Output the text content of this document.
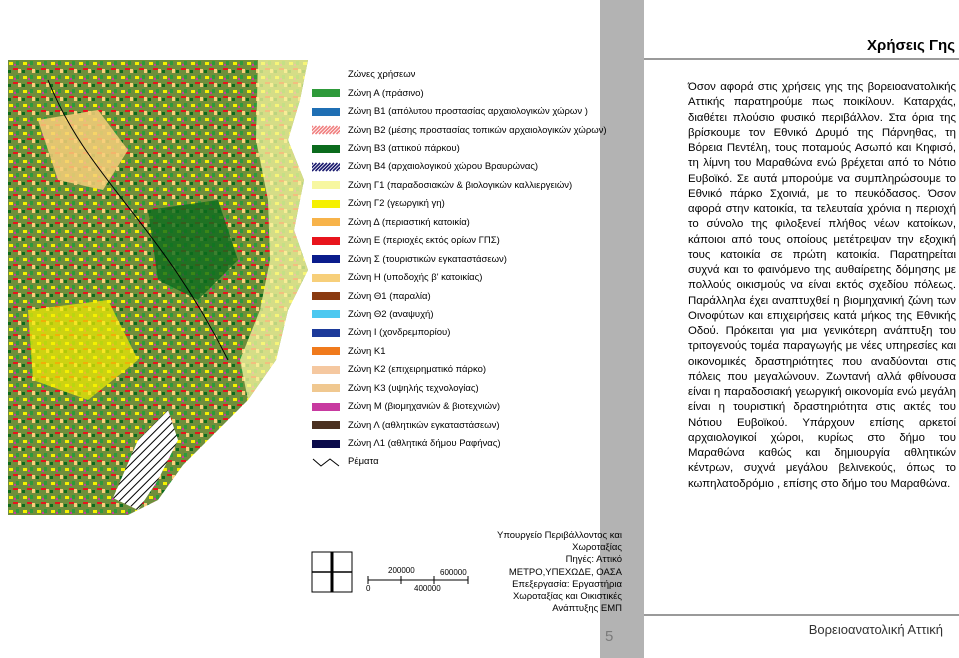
Χρήσεις Γης
Ζώνες χρήσεων
Ζώνη Α (πράσινο)
Ζώνη Β1 (απόλυτου προστασίας αρχαιολογικών χώρων )
Ζώνη Β2 (μέσης προστασίας τοπικών αρχαιολογικών χώρων)
Ζώνη Β3 (αττικού πάρκου)
Ζώνη Β4 (αρχαιολογικού χώρου Βραυρώνας)
Ζώνη Γ1 (παραδοσιακών & βιολογικών καλλιεργειών)
Ζώνη Γ2 (γεωργική γη)
Ζώνη Δ (περιαστική κατοικία)
Ζώνη Ε (περιοχές εκτός ορίων ΓΠΣ)
Ζώνη Σ (τουριστικών εγκαταστάσεων)
Ζώνη Η (υποδοχής β' κατοικίας)
Ζώνη Θ1 (παραλία)
Ζώνη Θ2 (αναψυχή)
Ζώνη Ι (χονδρεμπορίου)
Ζώνη Κ1
Ζώνη Κ2 (επιχειρηματικό πάρκο)
Ζώνη Κ3 (υψηλής τεχνολογίας)
Ζώνη Μ (βιομηχανιών & βιοτεχνιών)
Ζώνη Λ (αθλητικών εγκαταστάσεων)
Ζώνη Λ1 (αθλητικά δήμου Ραφήνας)
Ρέματα
Όσον αφορά στις χρήσεις γης της βορειοανατολικής Αττικής παρατηρούμε πως ποικίλουν. Καταρχάς, διαθέτει πλούσιο φυσικό περιβάλλον. Στα όρια της βρίσκουμε τον Εθνικό Δρυμό της Πάρνηθας, τη Βόρεια Πεντέλη, τους ποταμούς Ασωπό και Κηφισό, τη λίμνη του Μαραθώνα ενώ βρέχεται από το Νότιο Ευβοϊκό. Σε αυτά μπορούμε να συμπληρώσουμε το Εθνικό πάρκο Σχοινιά, με το πευκόδασος. Όσον αφορά στην κατοικία, τα τελευταία χρόνια η περιοχή το σύνολο της φιλοξενεί πλήθος νέων κατοίκων, κάποιοι από τους οποίους μετέτρεψαν την εξοχική τους κατοικία σε πρώτη κατοικία. Παρατηρείται συχνά και το φαινόμενο της αυθαίρετης δόμησης με πολλούς οικισμούς να είναι εκτός σχεδίου πόλεως. Παράλληλα έχει αναπτυχθεί η βιομηχανική ζώνη των Οινοφύτων και επιχειρήσεις κατά μήκος της Εθνικής Οδού. Πρόκειται για μια γενικότερη ανάπτυξη του τριτογενούς τομέα παραγωγής με νέες υπηρεσίες και οικονομικές δραστηριότητες που αναδύονται στις πόλεις που μεγαλώνουν. Ζωντανή αλλά φθίνουσα είναι η παραδοσιακή γεωργική οικονομία ενώ μεγάλη είναι η τουριστική δραστηριότητα στις ακτές του Νότιου Ευβοϊκού. Υπάρχουν επίσης αρκετοί αρχαιολογικοί χώροι, κυρίως στο δήμο του Μαραθώνα καθώς και δημιουργία αθλητικών κέντρων, συχνά μεγάλου βελινεκούς, όπως το κωπηλατοδρόμιο , επίσης στο δήμο του Μαραθώνα.
0
200000
400000
600000
Υπουργείο Περιβάλλοντος και
Χωροταξίας
Πηγές: Αττικό
ΜΕΤΡΟ,ΥΠΕΧΩΔΕ, ΟΑΣΑ
Επεξεργασία: Εργαστήρια
Χωροταξίας και Οικιστικές
Ανάπτυξης ΕΜΠ
5	Βορειοανατολική Αττική
